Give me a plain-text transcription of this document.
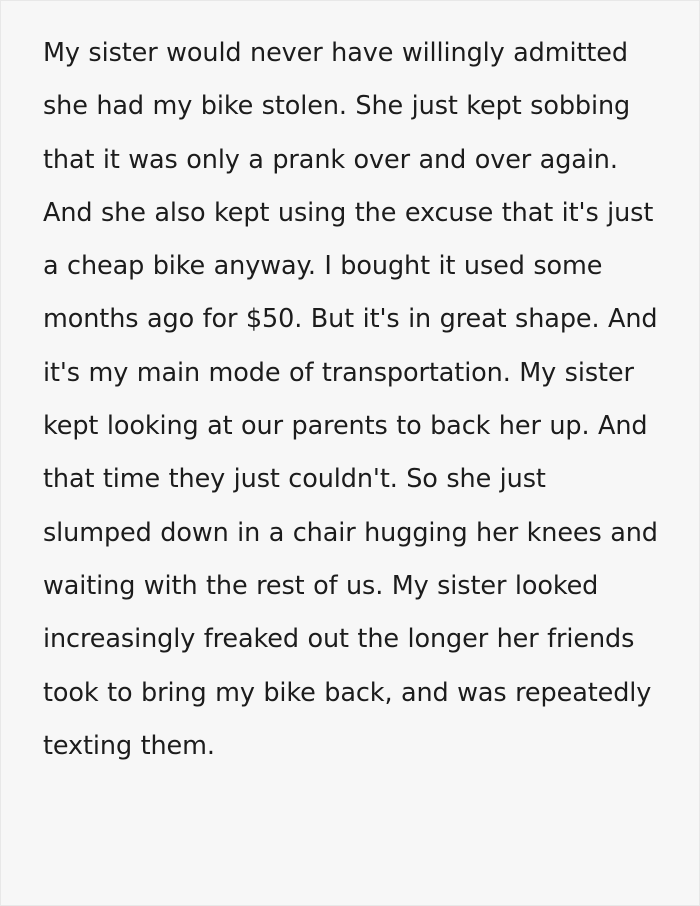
My sister would never have willingly admitted she had my bike stolen. She just kept sobbing that it was only a prank over and over again. And she also kept using the excuse that it's just a cheap bike anyway. I bought it used some months ago for $50. But it's in great shape. And it's my main mode of transportation. My sister kept looking at our parents to back her up. And that time they just couldn't. So she just slumped down in a chair hugging her knees and waiting with the rest of us. My sister looked increasingly freaked out the longer her friends took to bring my bike back, and was repeatedly texting them.
